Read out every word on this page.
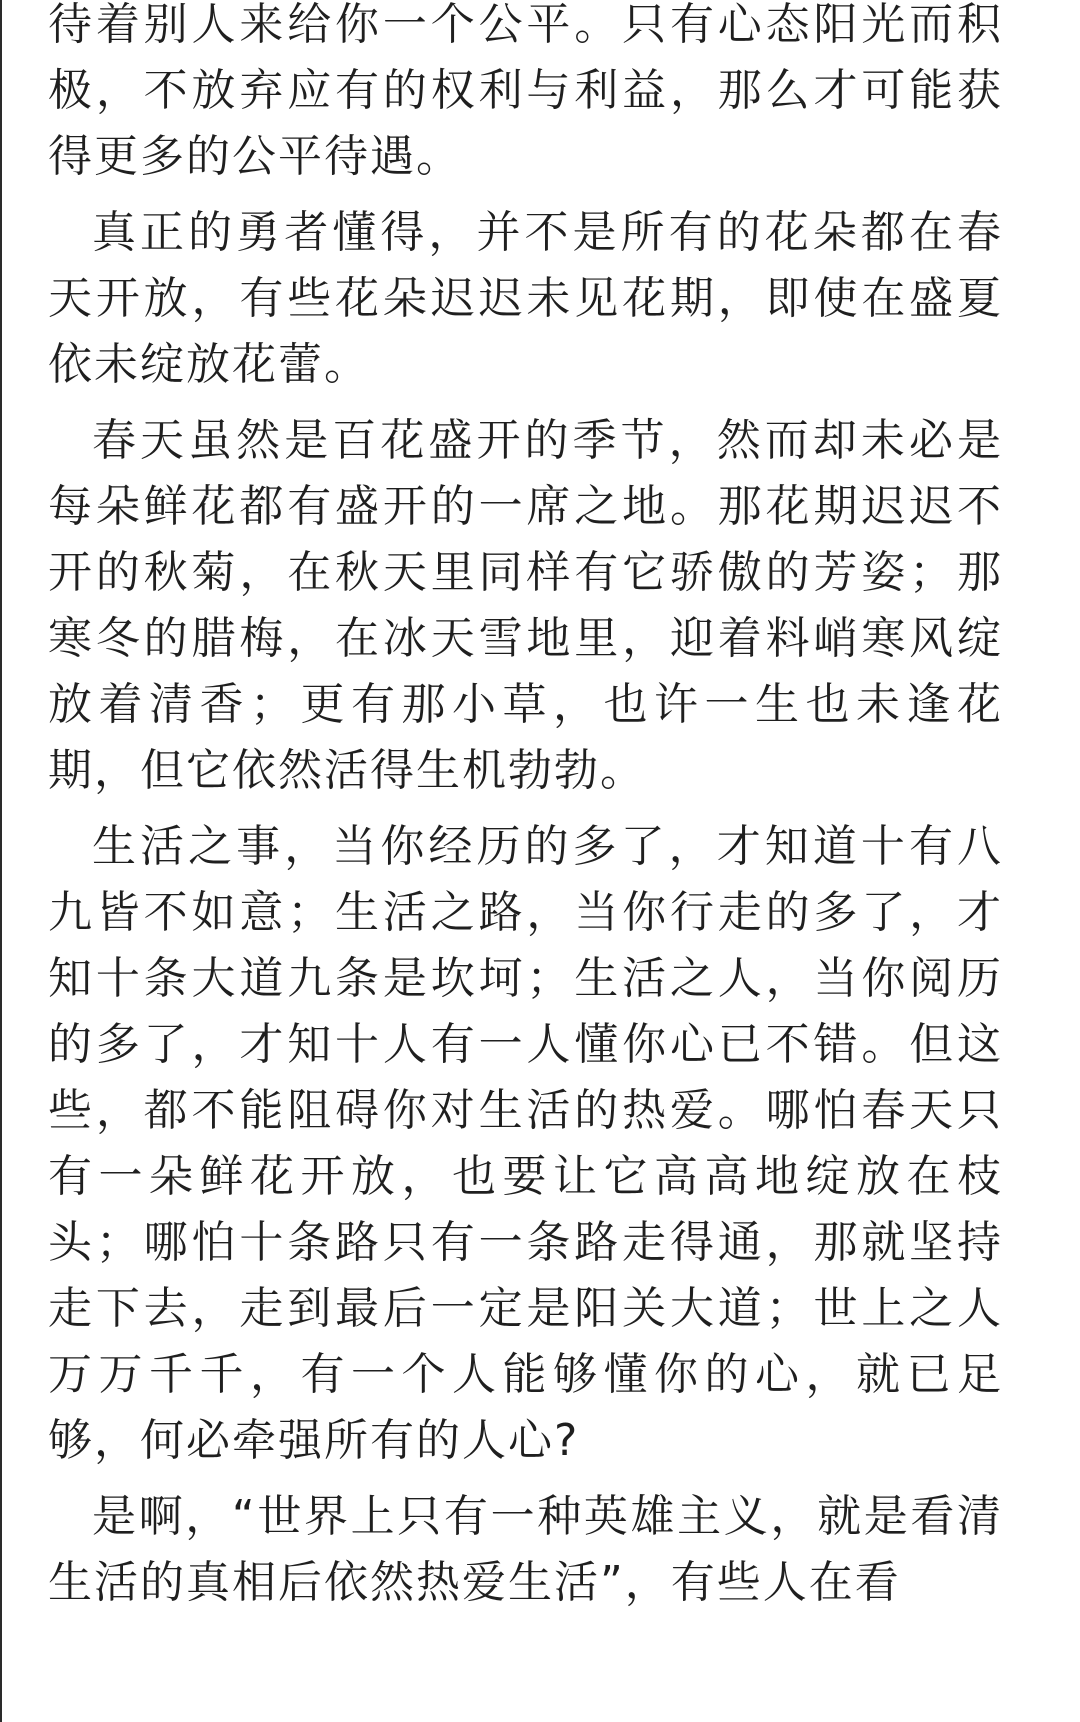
待着别人来给你一个公平。只有心态阳光而积极，不放弃应有的权利与利益，那么才可能获得更多的公平待遇。

真正的勇者懂得，并不是所有的花朵都在春天开放，有些花朵迟迟未见花期，即使在盛夏依未绽放花蕾。

春天虽然是百花盛开的季节，然而却未必是每朵鲜花都有盛开的一席之地。那花期迟迟不开的秋菊，在秋天里同样有它骄傲的芳姿；那寒冬的腊梅，在冰天雪地里，迎着料峭寒风绽放着清香；更有那小草，也许一生也未逢花期，但它依然活得生机勃勃。

生活之事，当你经历的多了，才知道十有八九皆不如意；生活之路，当你行走的多了，才知十条大道九条是坎坷；生活之人，当你阅历的多了，才知十人有一人懂你心已不错。但这些，都不能阻碍你对生活的热爱。哪怕春天只有一朵鲜花开放，也要让它高高地绽放在枝头；哪怕十条路只有一条路走得通，那就坚持走下去，走到最后一定是阳关大道；世上之人万万千千，有一个人能够懂你的心，就已足够，何必牵强所有的人心?

是啊，“世界上只有一种英雄主义，就是看清生活的真相后依然热爱生活”，有些人在看
